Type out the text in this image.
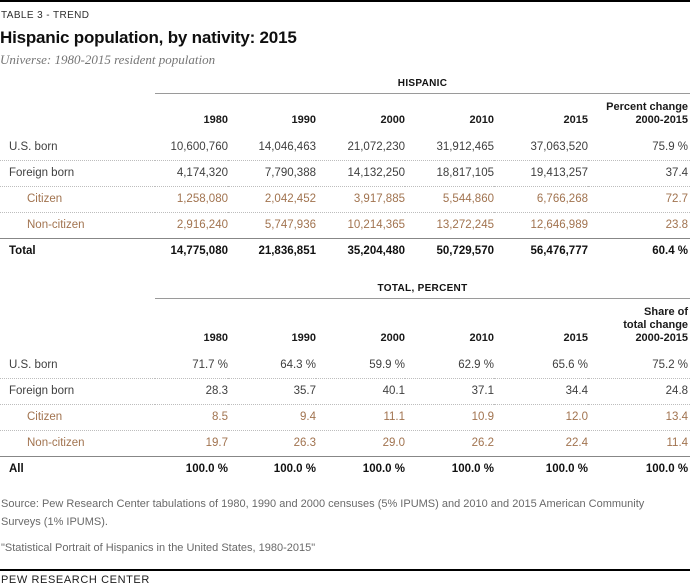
TABLE 3 - TREND
Hispanic population, by nativity: 2015
Universe: 1980-2015 resident population
	HISPANIC					
	1980	1990	2000	2010	2015	Percent change
2000-2015

U.S. born	10,600,760	14,046,463	21,072,230	31,912,465	37,063,520	75.9 %
Foreign born	4,174,320	7,790,388	14,132,250	18,817,105	19,413,257	37.4
Citizen	1,258,080	2,042,452	3,917,885	5,544,860	6,766,268	72.7
Non-citizen	2,916,240	5,747,936	10,214,365	13,272,245	12,646,989	23.8
Total	14,775,080	21,836,851	35,204,480	50,729,570	56,476,777	60.4 %
	TOTAL, PERCENT					
	1980	1990	2000	2010	2015	Share of
total change
2000-2015

U.S. born	71.7 %	64.3 %	59.9 %	62.9 %	65.6 %	75.2 %
Foreign born	28.3	35.7	40.1	37.1	34.4	24.8
Citizen	8.5	9.4	11.1	10.9	12.0	13.4
Non-citizen	19.7	26.3	29.0	26.2	22.4	11.4
All	100.0 %	100.0 %	100.0 %	100.0 %	100.0 %	100.0 %

Source: Pew Research Center tabulations of 1980, 1990 and 2000 censuses (5% IPUMS) and 2010 and 2015 American Community Surveys (1% IPUMS).

"Statistical Portrait of Hispanics in the United States, 1980-2015"

PEW RESEARCH CENTER
